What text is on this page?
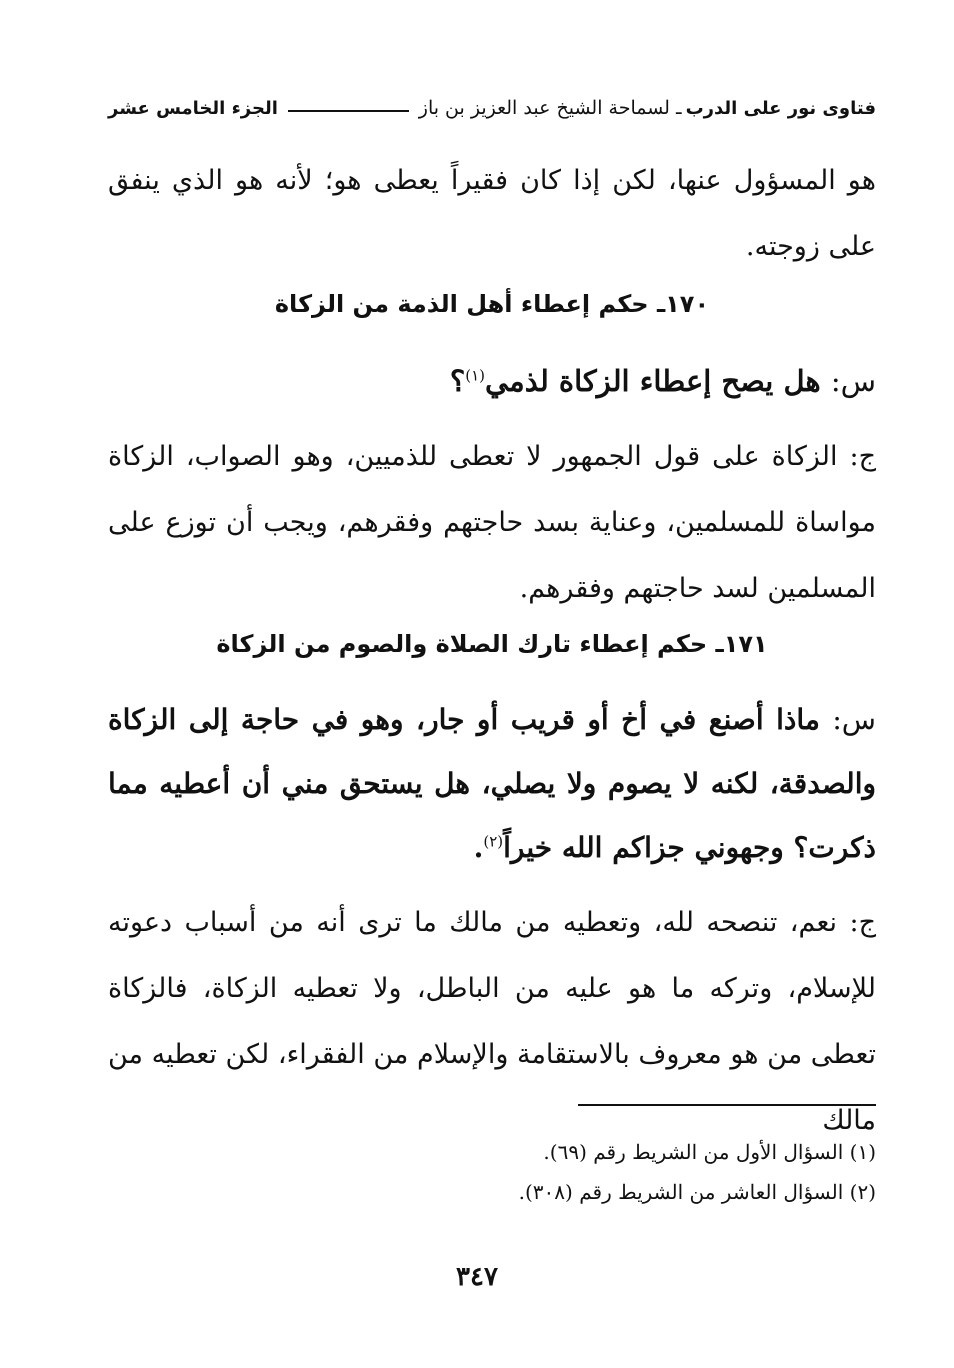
فتاوى نور على الدرب
ـ لسماحة الشيخ عبد العزيز بن باز
الجزء الخامس عشر
هو المسؤول عنها، لكن إذا كان فقيراً يعطى هو؛ لأنه هو الذي ينفق على زوجته.
١٧٠ـ حكم إعطاء أهل الذمة من الزكاة
س: هل يصح إعطاء الزكاة لذمي$^{(١)}$؟
ج: الزكاة على قول الجمهور لا تعطى للذميين، وهو الصواب، الزكاة مواساة للمسلمين، وعناية بسد حاجتهم وفقرهم، ويجب أن توزع على المسلمين لسد حاجتهم وفقرهم.
١٧١ـ حكم إعطاء تارك الصلاة والصوم من الزكاة
س: ماذا أصنع في أخ أو قريب أو جار، وهو في حاجة إلى الزكاة والصدقة، لكنه لا يصوم ولا يصلي، هل يستحق مني أن أعطيه مما ذكرت؟ وجهوني جزاكم الله خيراً$^{(٢)}$.
ج: نعم، تنصحه لله، وتعطيه من مالك ما ترى أنه من أسباب دعوته للإسلام، وتركه ما هو عليه من الباطل، ولا تعطيه الزكاة، فالزكاة تعطى من هو معروف بالاستقامة والإسلام من الفقراء، لكن تعطيه من مالك
(١) السؤال الأول من الشريط رقم (٦٩).
(٢) السؤال العاشر من الشريط رقم (٣٠٨).
٣٤٧
